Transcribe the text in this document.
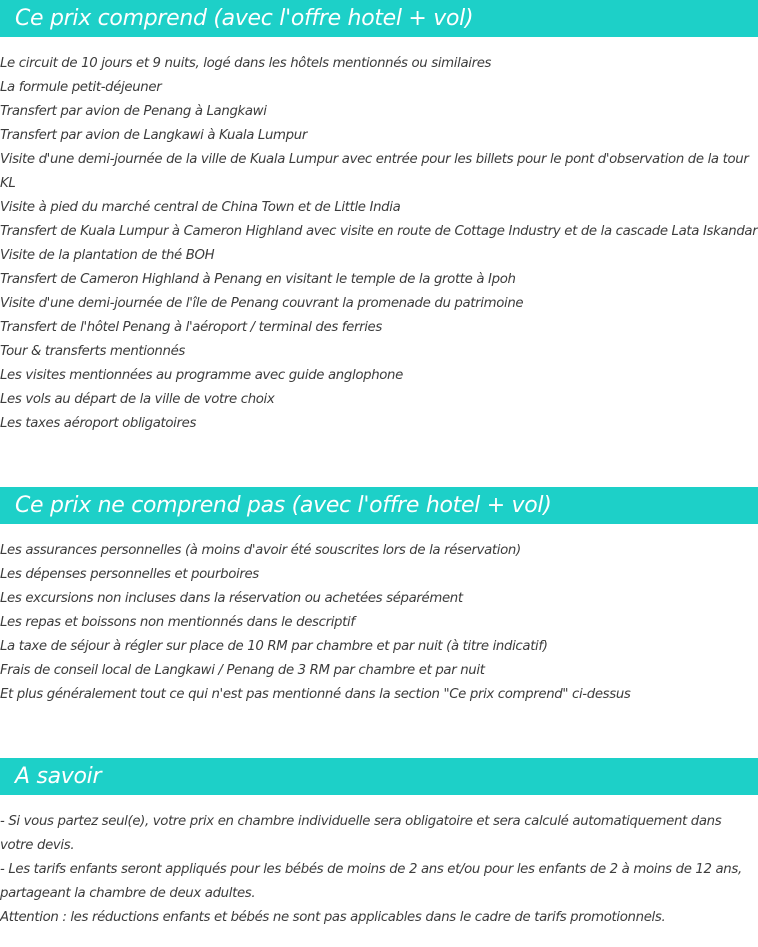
Ce prix comprend (avec l'offre hotel + vol)
Le circuit de 10 jours et 9 nuits, logé dans les hôtels mentionnés ou similaires
La formule petit-déjeuner
Transfert par avion de Penang à Langkawi
Transfert par avion de Langkawi à Kuala Lumpur
Visite d'une demi-journée de la ville de Kuala Lumpur avec entrée pour les billets pour le pont d'observation de la tour KL
Visite à pied du marché central de China Town et de Little India
Transfert de Kuala Lumpur à Cameron Highland avec visite en route de Cottage Industry et de la cascade Lata Iskandar
Visite de la plantation de thé BOH
Transfert de Cameron Highland à Penang en visitant le temple de la grotte à Ipoh
Visite d'une demi-journée de l'île de Penang couvrant la promenade du patrimoine
Transfert de l'hôtel Penang à l'aéroport / terminal des ferries
Tour & transferts mentionnés
Les visites mentionnées au programme avec guide anglophone
Les vols au départ de la ville de votre choix
Les taxes aéroport obligatoires
Ce prix ne comprend pas (avec l'offre hotel + vol)
Les assurances personnelles (à moins d'avoir été souscrites lors de la réservation)
Les dépenses personnelles et pourboires
Les excursions non incluses dans la réservation ou achetées séparément
Les repas et boissons non mentionnés dans le descriptif
La taxe de séjour à régler sur place de 10 RM par chambre et par nuit (à titre indicatif)
Frais de conseil local de Langkawi / Penang de 3 RM par chambre et par nuit
Et plus généralement tout ce qui n'est pas mentionné dans la section "Ce prix comprend" ci-dessus
A savoir
- Si vous partez seul(e), votre prix en chambre individuelle sera obligatoire et sera calculé automatiquement dans votre devis.
- Les tarifs enfants seront appliqués pour les bébés de moins de 2 ans et/ou pour les enfants de 2 à moins de 12 ans, partageant la chambre de deux adultes.
Attention : les réductions enfants et bébés ne sont pas applicables dans le cadre de tarifs promotionnels.
